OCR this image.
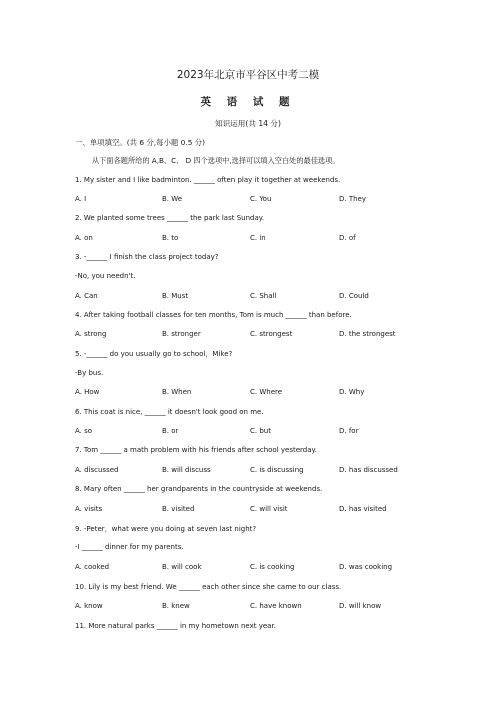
2023年北京市平谷区中考二模
英 语 试 题
知识运用(共 14 分)
一、单项填空。(共 6 分,每小题 0.5 分)
从下面各题所给的 A,B、C、 D 四个选项中,选择可以填入空白处的最佳选项。
1. My sister and I like badminton. ______ often play it together at weekends.
A. I	B. We	C. You	D. They
2. We planted some trees ______ the park last Sunday.
A. on	B. to	C. in	D. of
3. -______ I finish the class project today?
-No, you needn't.
A. Can	B. Must	C. Shall	D. Could
4. After taking football classes for ten months, Tom is much ______ than before.
A. strong	B. stronger	C. strongest	D. the strongest
5. -______ do you usually go to school，Mike?
-By bus.
A. How	B. When	C. Where	D. Why
6. This coat is nice, ______ it doesn't look good on me.
A. so	B. or	C. but	D. for
7. Tom ______ a math problem with his friends after school yesterday.
A. discussed	B. will discuss	C. is discussing	D. has discussed
8. Mary often ______ her grandparents in the countryside at weekends.
A. visits	B. visited	C. will visit	D. has visited
9. -Peter，what were you doing at seven last night?
-I ______ dinner for my parents.
A. cooked	B. will cook	C. is cooking	D. was cooking
10. Lily is my best friend. We ______ each other since she came to our class.
A. know	B. knew	C. have known	D. will know
11. More natural parks ______ in my hometown next year.
